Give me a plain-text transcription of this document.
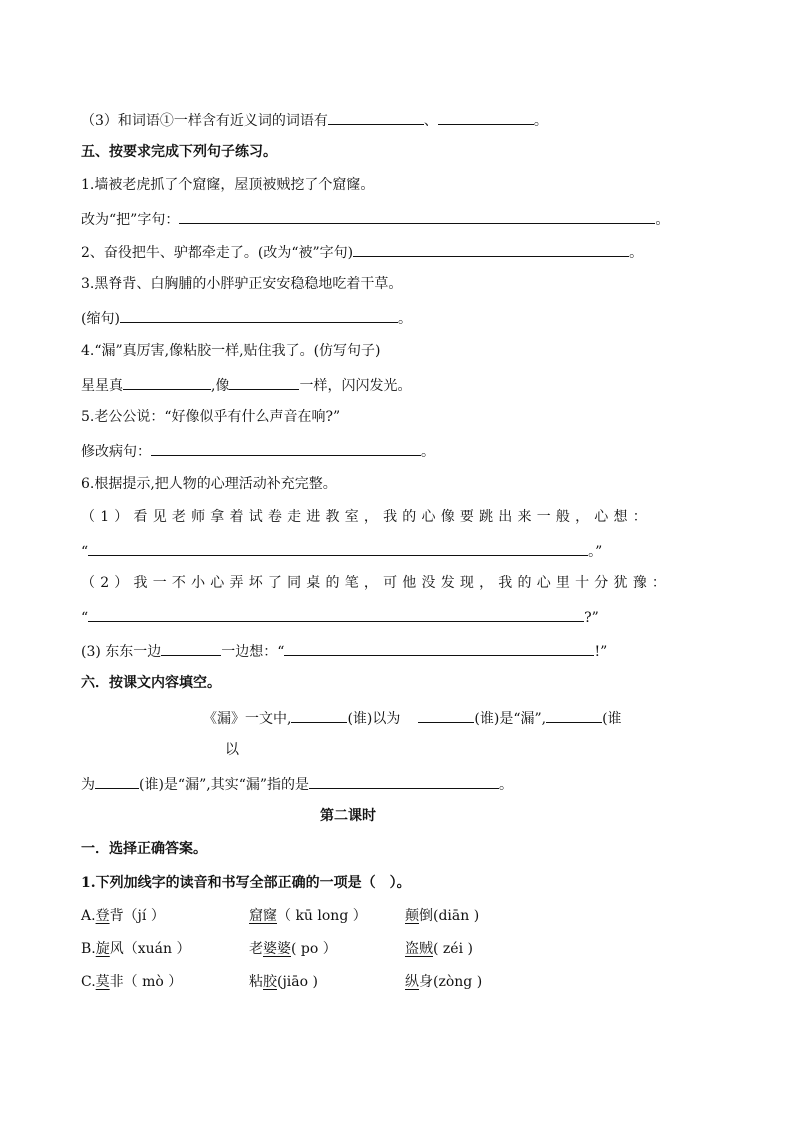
（3）和词语①一样含有近义词的词语有	、	。
五、按要求完成下列句子练习。
1.墙被老虎抓了个窟窿，屋顶被贼挖了个窟窿。
改为“把”字句：	。
2、奋役把牛、驴都牵走了。(改为“被”字句)	。
3.黑脊背、白胸脯的小胖驴正安安稳稳地吃着干草。
(缩句)	。
4.“漏”真厉害,像粘胶一样,贴住我了。(仿写句子)
星星真	,像	一样，闪闪发光。
5.老公公说：“好像似乎有什么声音在响?”
修改病句：	。
6.根据提示,把人物的心理活动补充完整。
（1）看见老师拿着试卷走进教室，我的心像要跳出来一般，心想：
“	。”
（2）我一不小心弄坏了同桌的笔，可他没发现，我的心里十分犹豫：
“	?”
(3) 东东一边	一边想：“	!”
六．按课文内容填空。
《漏》一文中,	(谁)以为	(谁)是“漏”,	(谁
以
为	(谁)是“漏”,其实“漏”指的是	。
第二课时
一．选择正确答案。
1.下列加线字的读音和书写全部正确的一项是（　）。
A.登背（jí ）	窟窿（ kū long ）	颠倒(diān )
B.旋风（xuán ）	老婆婆( po ）	盗贼( zéi )
C.莫非（ mò ）	粘胶(jiāo )	纵身(zòng )
